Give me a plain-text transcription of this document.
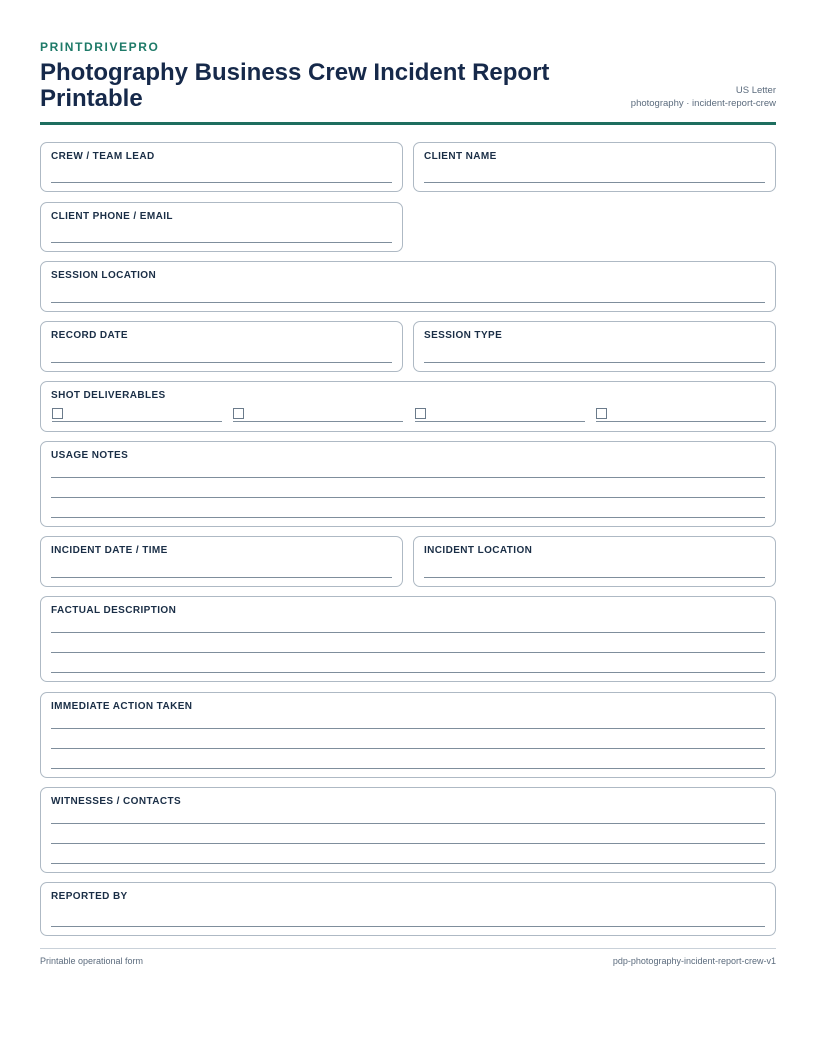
PRINTDRIVEPRO
Photography Business Crew Incident Report Printable	US Letter
photography · incident-report-crew
CREW / TEAM LEAD	CLIENT NAME
CLIENT PHONE / EMAIL
SESSION LOCATION
RECORD DATE	SESSION TYPE
SHOT DELIVERABLES
USAGE NOTES
INCIDENT DATE / TIME	INCIDENT LOCATION
FACTUAL DESCRIPTION
IMMEDIATE ACTION TAKEN
WITNESSES / CONTACTS
REPORTED BY
Printable operational form	pdp-photography-incident-report-crew-v1
